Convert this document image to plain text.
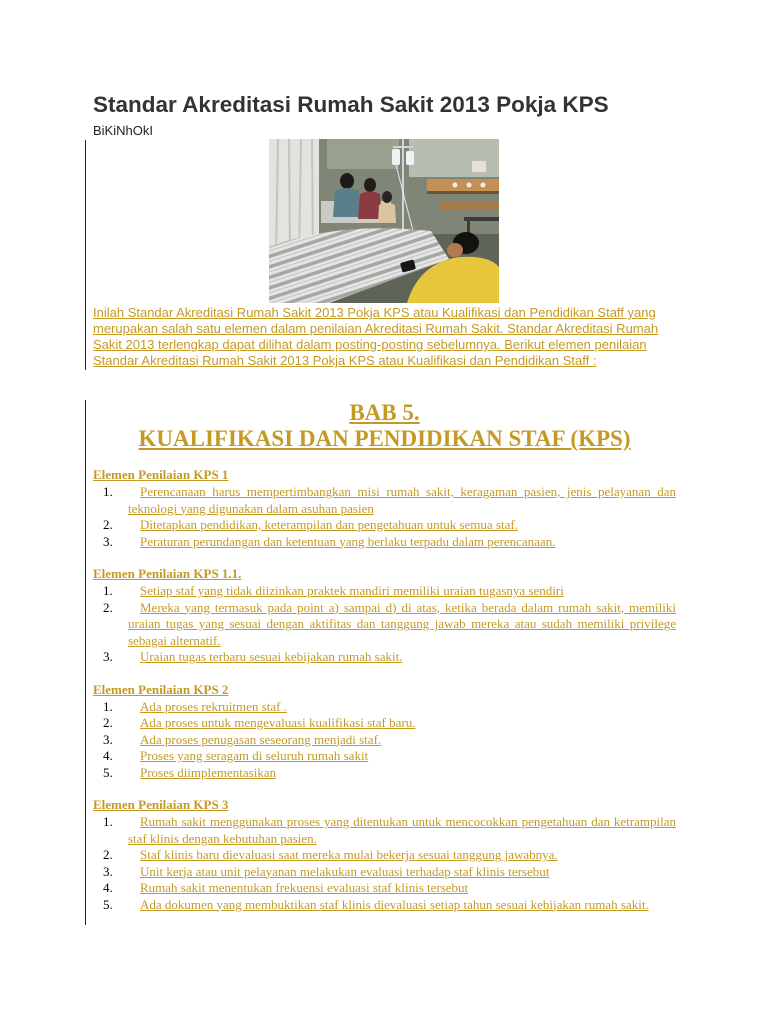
Standar Akreditasi Rumah Sakit 2013 Pokja KPS
BiKiNhOkI

Inilah Standar Akreditasi Rumah Sakit 2013 Pokja KPS atau Kualifikasi dan Pendidikan Staff yang merupakan salah satu elemen dalam penilaian Akreditasi Rumah Sakit. Standar Akreditasi Rumah Sakit 2013 terlengkap dapat dilihat dalam posting-posting sebelumnya. Berikut elemen penilaian Standar Akreditasi Rumah Sakit 2013 Pokja KPS atau Kualifikasi dan Pendidikan Staff :

BAB 5.
KUALIFIKASI DAN PENDIDIKAN STAF (KPS)
Elemen Penilaian KPS 1
1. Perencanaan harus mempertimbangkan misi rumah sakit, keragaman pasien, jenis pelayanan dan teknologi yang digunakan dalam asuhan pasien
2. Ditetapkan pendidikan, keterampilan dan pengetahuan untuk semua staf.
3. Peraturan perundangan dan ketentuan yang berlaku terpadu dalam perencanaan.
Elemen Penilaian KPS 1.1.
1. Setiap staf yang tidak diizinkan praktek mandiri memiliki uraian tugasnya sendiri
2. Mereka yang termasuk pada point a) sampai d) di atas, ketika berada dalam rumah sakit, memiliki uraian tugas yang sesuai dengan aktifitas dan tanggung jawab mereka atau sudah memiliki privilege sebagai alternatif.
3. Uraian tugas terbaru sesuai kebijakan rumah sakit.
Elemen Penilaian KPS 2
1. Ada proses rekruitmen staf .
2. Ada proses untuk mengevaluasi kualifikasi staf baru.
3. Ada proses penugasan seseorang menjadi staf.
4. Proses yang seragam di seluruh rumah sakit
5. Proses diimplementasikan
Elemen Penilaian KPS 3
1. Rumah sakit menggunakan proses yang ditentukan untuk mencocokkan pengetahuan dan ketrampilan staf klinis dengan kebutuhan pasien.
2. Staf klinis baru dievaluasi saat mereka mulai bekerja sesuai tanggung jawabnya.
3. Unit kerja atau unit pelayanan melakukan evaluasi terhadap staf klinis tersebut
4. Rumah sakit menentukan frekuensi evaluasi staf klinis tersebut
5. Ada dokumen yang membuktikan staf klinis dievaluasi setiap tahun sesuai kebijakan rumah sakit.
